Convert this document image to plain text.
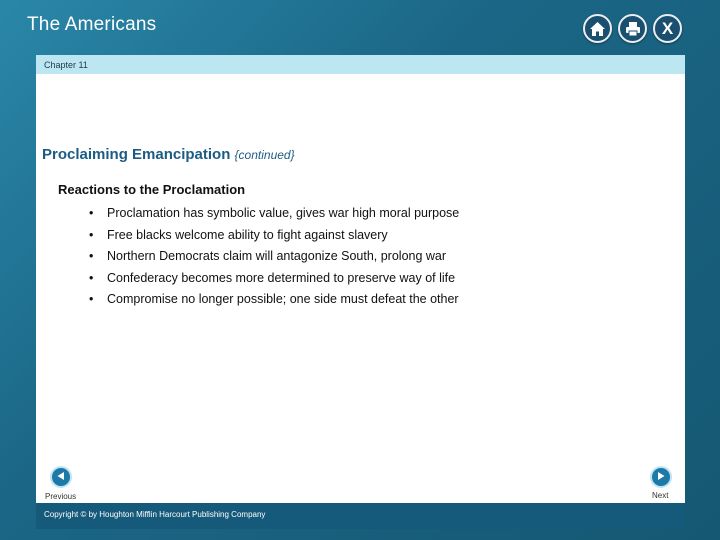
The Americans	X
Chapter 11
Proclaiming Emancipation {continued}
Reactions to the Proclamation
• Proclamation has symbolic value, gives war high moral purpose
• Free blacks welcome ability to fight against slavery
• Northern Democrats claim will antagonize South, prolong war
• Confederacy becomes more determined to preserve way of life
• Compromise no longer possible; one side must defeat the other
Previous	Next
Copyright © by Houghton Mifflin Harcourt Publishing Company
